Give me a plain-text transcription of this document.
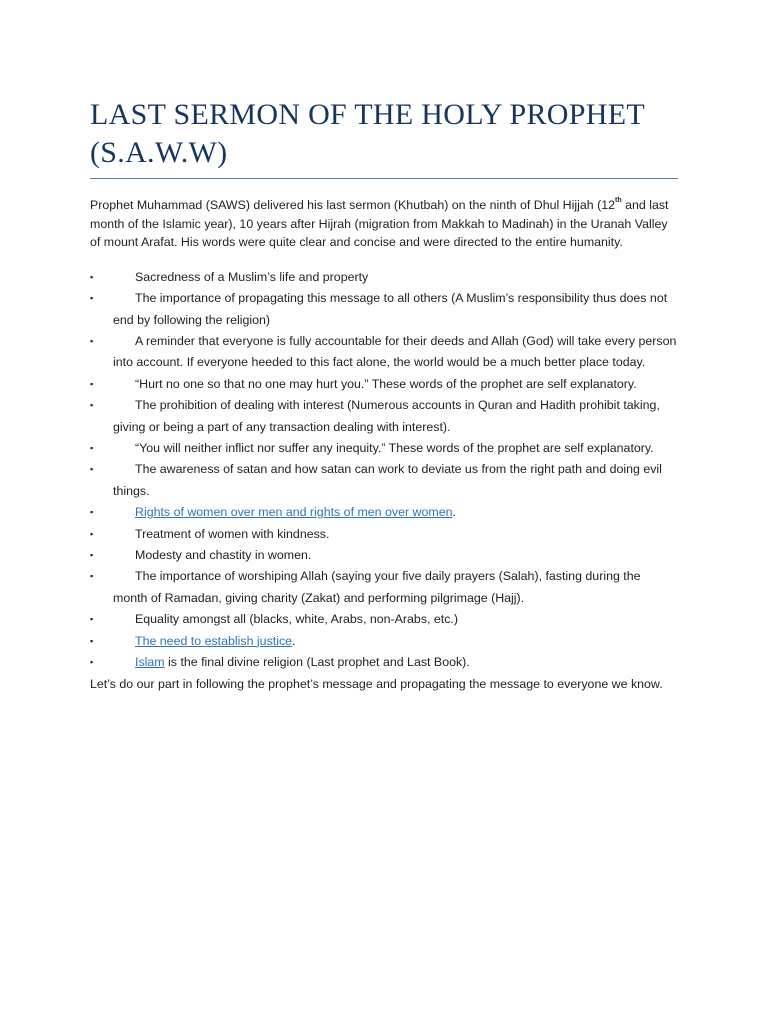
LAST SERMON OF THE HOLY PROPHET
(S.A.W.W)

Prophet Muhammad (SAWS) delivered his last sermon (Khutbah) on the ninth of Dhul Hijjah (12th and last month of the Islamic year), 10 years after Hijrah (migration from Makkah to Madinah) in the Uranah Valley of mount Arafat. His words were quite clear and concise and were directed to the entire humanity.

▪	Sacredness of a Muslim’s life and property
▪	The importance of propagating this message to all others (A Muslim’s responsibility thus does not end by following the religion)
▪	A reminder that everyone is fully accountable for their deeds and Allah (God) will take every person into account. If everyone heeded to this fact alone, the world would be a much better place today.
▪	“Hurt no one so that no one may hurt you.” These words of the prophet are self explanatory.
▪	The prohibition of dealing with interest (Numerous accounts in Quran and Hadith prohibit taking, giving or being a part of any transaction dealing with interest).
▪	“You will neither inflict nor suffer any inequity.” These words of the prophet are self explanatory.
▪	The awareness of satan and how satan can work to deviate us from the right path and doing evil things.
▪	Rights of women over men and rights of men over women.
▪	Treatment of women with kindness.
▪	Modesty and chastity in women.
▪	The importance of worshiping Allah (saying your five daily prayers (Salah), fasting during the month of Ramadan, giving charity (Zakat) and performing pilgrimage (Hajj).
▪	Equality amongst all (blacks, white, Arabs, non-Arabs, etc.)
▪	The need to establish justice.
▪	Islam is the final divine religion (Last prophet and Last Book).

Let’s do our part in following the prophet’s message and propagating the message to everyone we know.
